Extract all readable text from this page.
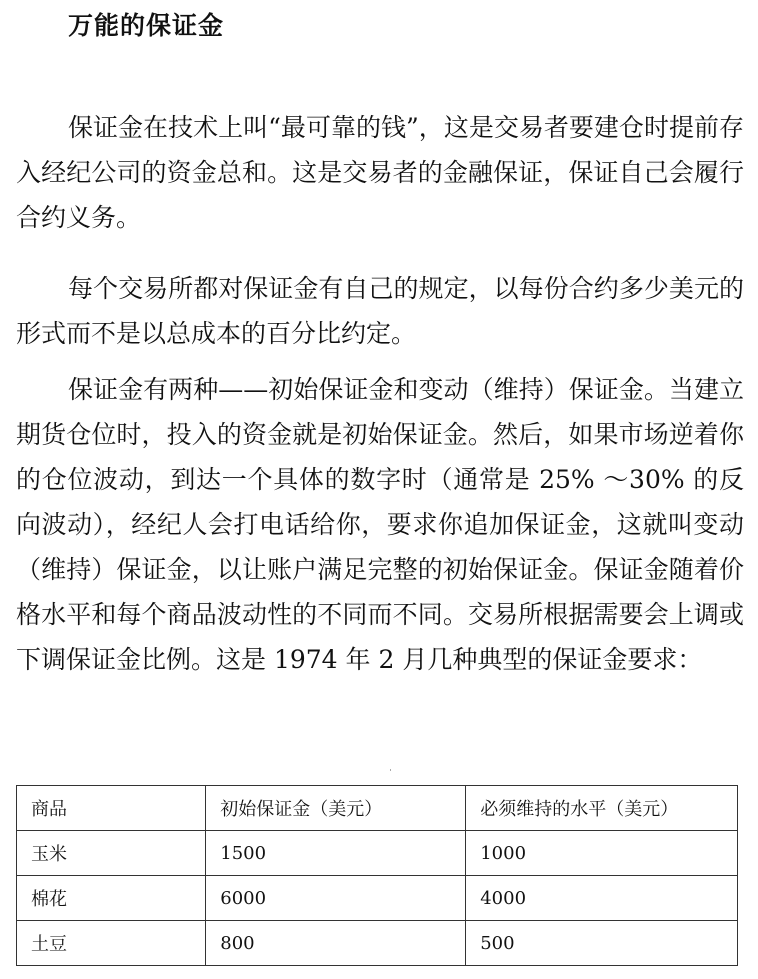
万能的保证金

保证金在技术上叫“最可靠的钱”，这是交易者要建仓时提前存入经纪公司的资金总和。这是交易者的金融保证，保证自己会履行合约义务。

每个交易所都对保证金有自己的规定，以每份合约多少美元的形式而不是以总成本的百分比约定。

保证金有两种——初始保证金和变动（维持）保证金。当建立期货仓位时，投入的资金就是初始保证金。然后，如果市场逆着你的仓位波动，到达一个具体的数字时（通常是 25% ～30% 的反向波动），经纪人会打电话给你，要求你追加保证金，这就叫变动（维持）保证金，以让账户满足完整的初始保证金。保证金随着价格水平和每个商品波动性的不同而不同。交易所根据需要会上调或下调保证金比例。这是 1974 年 2 月几种典型的保证金要求：

˙
商品	初始保证金（美元）	必须维持的水平（美元）
玉米	1500	1000
棉花	6000	4000
土豆	800	500
